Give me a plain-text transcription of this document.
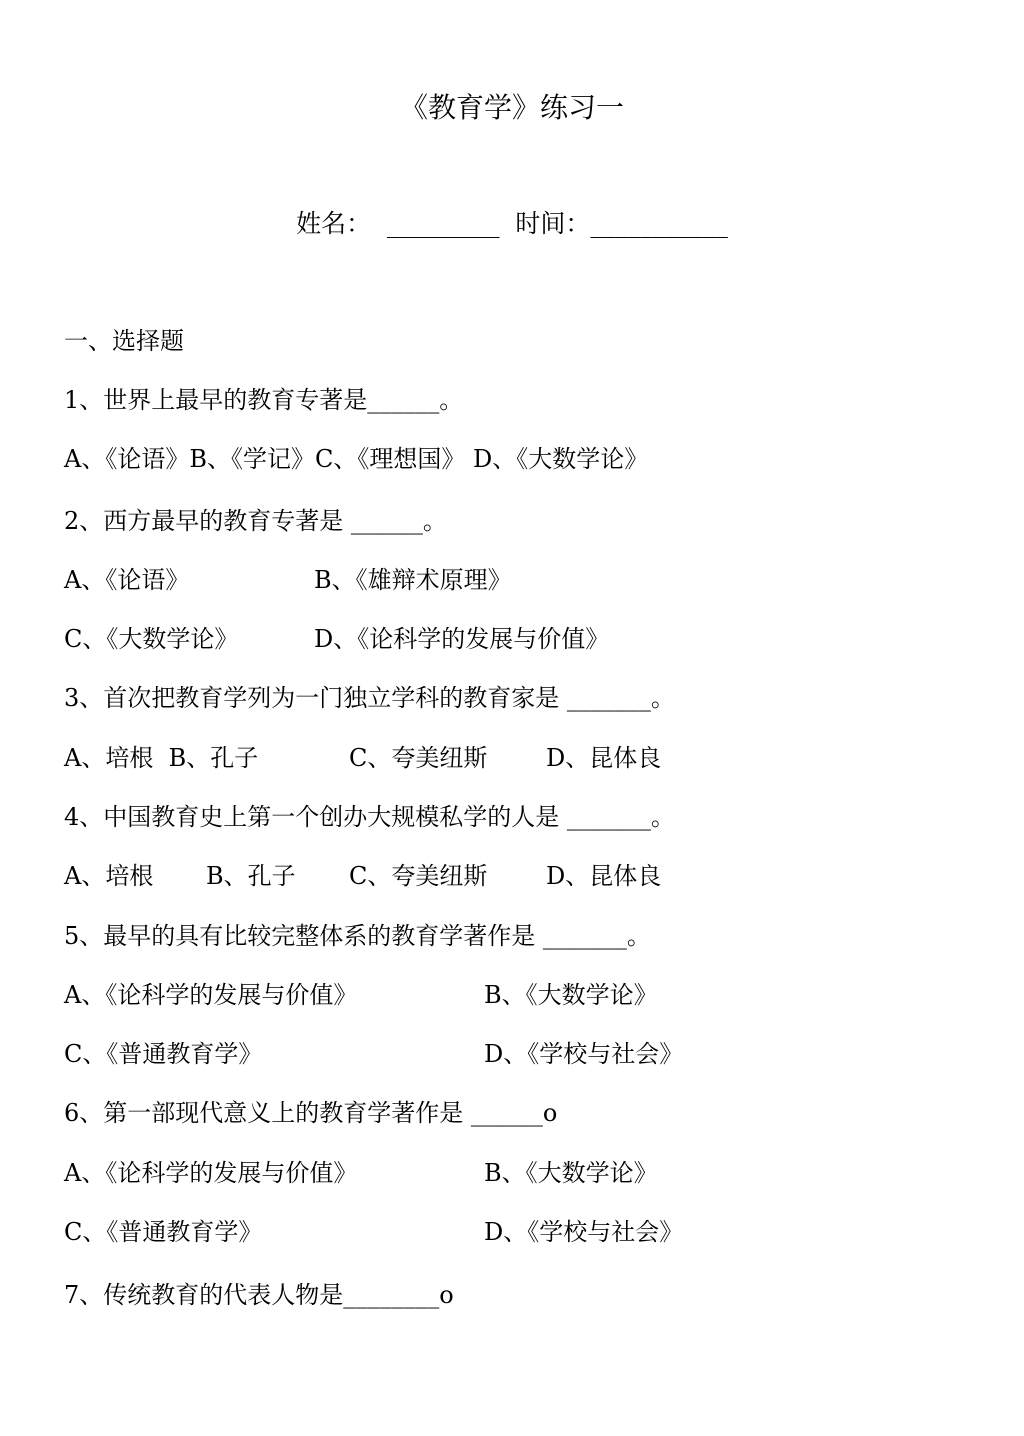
《教育学》练习一
姓名：  _________  时间：___________
一、选择题
1、世界上最早的教育专著是______。
A、《论语》B、《学记》C、《理想国》 D、《大数学论》
2、西方最早的教育专著是 ______。
A、《论语》	B、《雄辩术原理》
C、《大数学论》	D、《论科学的发展与价值》
3、首次把教育学列为一门独立学科的教育家是 _______。
A、培根  B、孔子	C、夸美纽斯 D、昆体良
4、中国教育史上第一个创办大规模私学的人是 _______。
A、培根 B、孔子 C、夸美纽斯 D、昆体良
5、最早的具有比较完整体系的教育学著作是 _______。
A、《论科学的发展与价值》	B、《大数学论》
C、《普通教育学》	D、《学校与社会》
6、第一部现代意义上的教育学著作是 ______o
A、《论科学的发展与价值》	B、《大数学论》
C、《普通教育学》	D、《学校与社会》
7、传统教育的代表人物是________o
